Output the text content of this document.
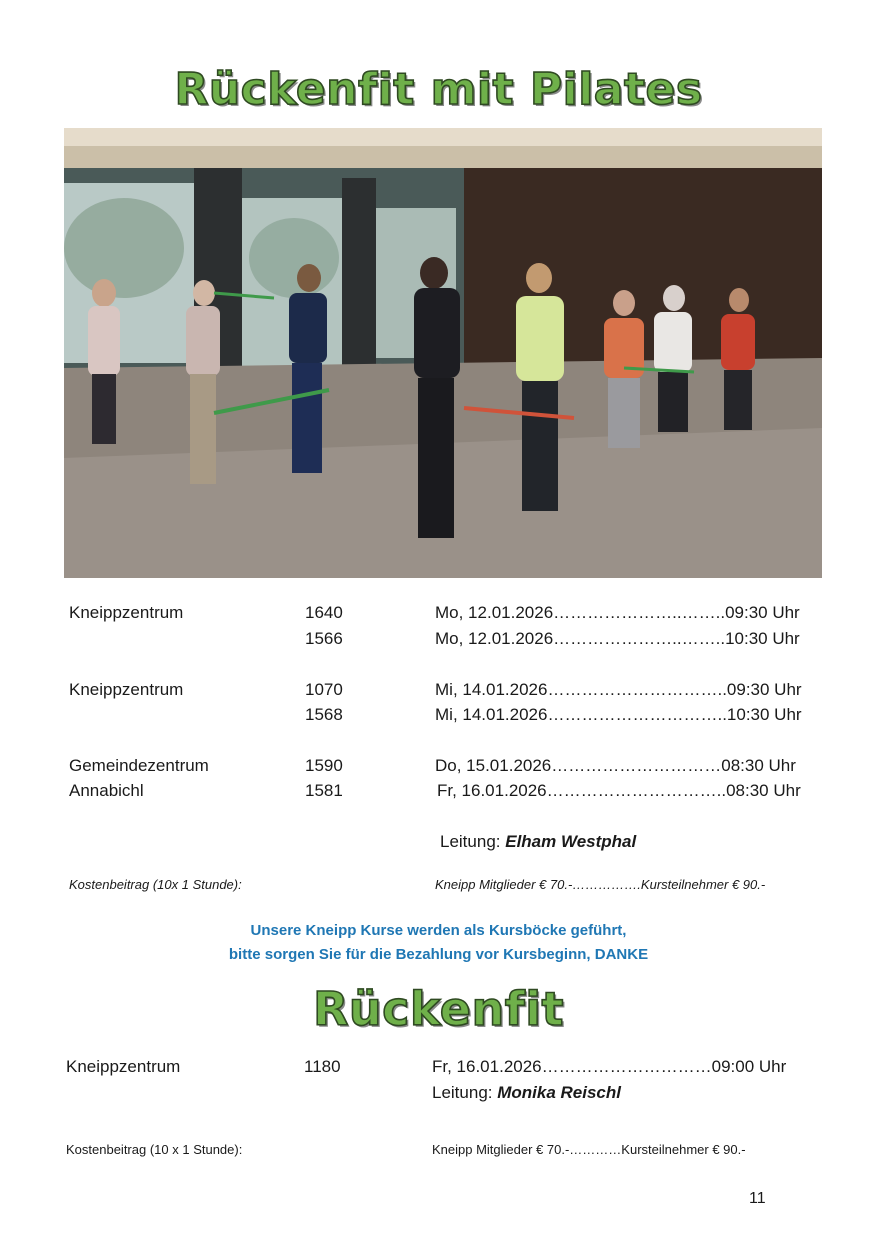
Rückenfit mit Pilates
Kneippzentrum	1640	Mo, 12.01.2026…………………..……..09:30 Uhr
1566	Mo, 12.01.2026…………………..……..10:30 Uhr
Kneippzentrum	1070	Mi, 14.01.2026…………………………..09:30 Uhr
1568	Mi, 14.01.2026…………………………..10:30 Uhr
Gemeindezentrum	1590	Do, 15.01.2026…………………………08:30 Uhr
Annabichl	1581	Fr, 16.01.2026…………………………..08:30 Uhr
Leitung: Elham Westphal
Kostenbeitrag (10x 1 Stunde):	Kneipp Mitglieder € 70.-…………….Kursteilnehmer € 90.-
Unsere Kneipp Kurse werden als Kursböcke geführt,
bitte sorgen Sie für die Bezahlung vor Kursbeginn, DANKE
Rückenfit
Kneippzentrum	1180	Fr, 16.01.2026…………………………09:00 Uhr
Leitung: Monika Reischl
Kostenbeitrag (10 x 1 Stunde):	Kneipp Mitglieder € 70.-…………Kursteilnehmer € 90.-
11
